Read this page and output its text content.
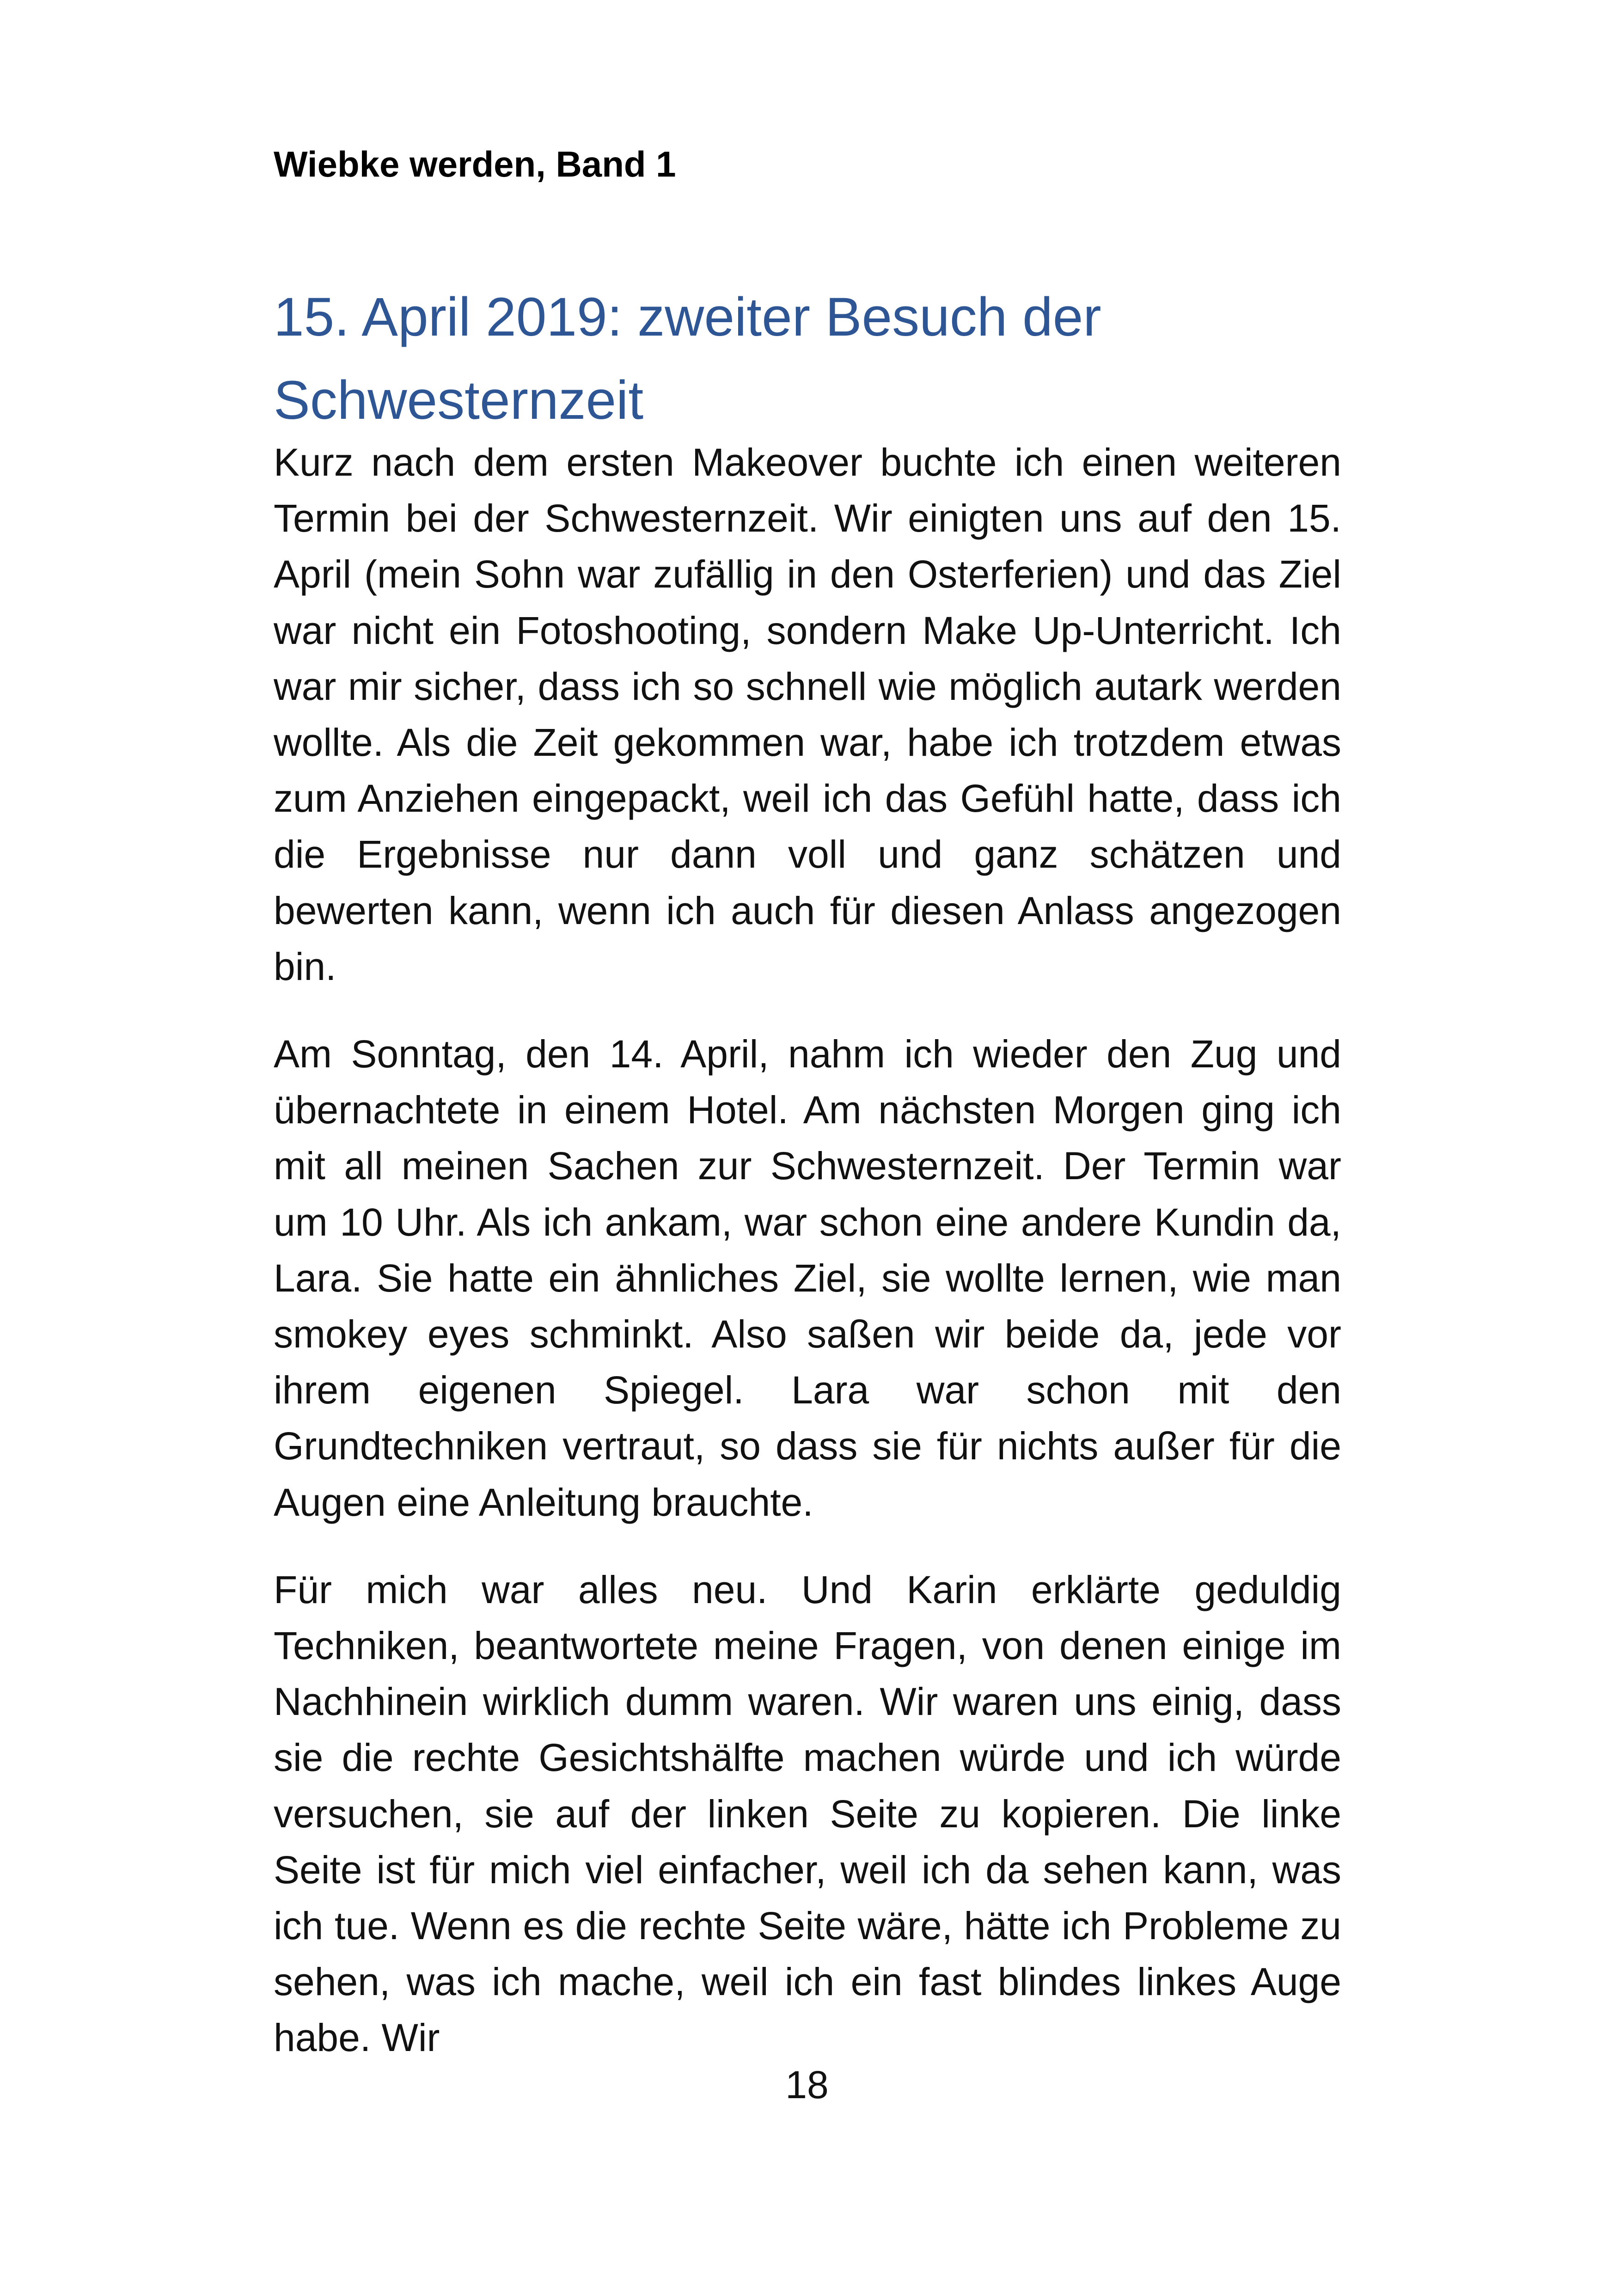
Wiebke werden, Band 1
15. April 2019: zweiter Besuch der Schwesternzeit

Kurz nach dem ersten Makeover buchte ich einen weiteren Termin bei der Schwesternzeit. Wir einigten uns auf den 15. April (mein Sohn war zufällig in den Osterferien) und das Ziel war nicht ein Fotoshooting, sondern Make Up-Unterricht. Ich war mir sicher, dass ich so schnell wie möglich autark werden wollte. Als die Zeit gekommen war, habe ich trotzdem etwas zum Anziehen eingepackt, weil ich das Gefühl hatte, dass ich die Ergebnisse nur dann voll und ganz schätzen und bewerten kann, wenn ich auch für diesen Anlass angezogen bin.

Am Sonntag, den 14. April, nahm ich wieder den Zug und übernachtete in einem Hotel. Am nächsten Morgen ging ich mit all meinen Sachen zur Schwesternzeit. Der Termin war um 10 Uhr. Als ich ankam, war schon eine andere Kundin da, Lara. Sie hatte ein ähnliches Ziel, sie wollte lernen, wie man smokey eyes schminkt. Also saßen wir beide da, jede vor ihrem eigenen Spiegel. Lara war schon mit den Grundtechniken vertraut, so dass sie für nichts außer für die Augen eine Anleitung brauchte.

Für mich war alles neu. Und Karin erklärte geduldig Techniken, beantwortete meine Fragen, von denen einige im Nachhinein wirklich dumm waren. Wir waren uns einig, dass sie die rechte Gesichtshälfte machen würde und ich würde versuchen, sie auf der linken Seite zu kopieren. Die linke Seite ist für mich viel einfacher, weil ich da sehen kann, was ich tue. Wenn es die rechte Seite wäre, hätte ich Probleme zu sehen, was ich mache, weil ich ein fast blindes linkes Auge habe. Wir

18
